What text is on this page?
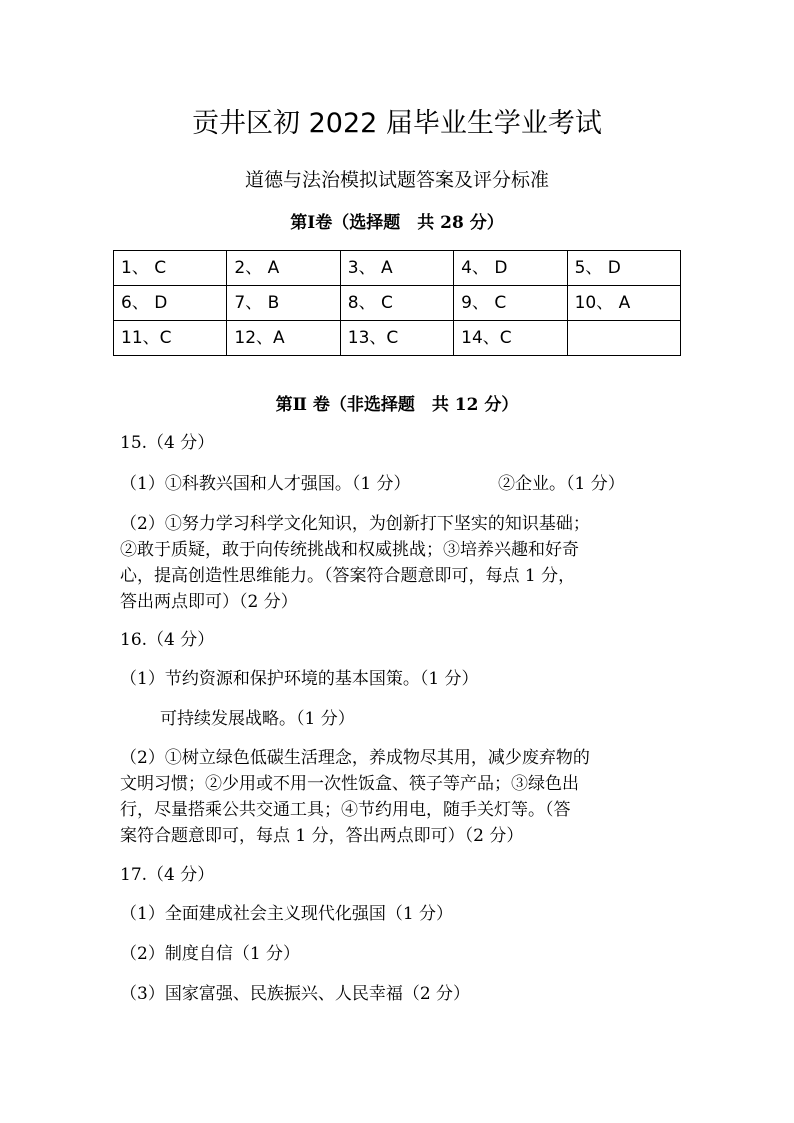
贡井区初 2022 届毕业生学业考试
道德与法治模拟试题答案及评分标准
第Ⅰ卷（选择题　共 28 分）
1、 C	2、 A	3、 A	4、 D	5、 D
6、 D	7、 B	8、 C	9、 C	10、 A
11、C	12、A	13、C	14、C	
第Ⅱ 卷（非选择题　共 12 分）
15.（4 分）
（1）①科教兴国和人才强国。（1 分）	②企业。（1 分）
（2）①努力学习科学文化知识，为创新打下坚实的知识基础；
②敢于质疑，敢于向传统挑战和权威挑战；③培养兴趣和好奇
心，提高创造性思维能力。（答案符合题意即可，每点 1 分，
答出两点即可）（2 分）
16.（4 分）
（1）节约资源和保护环境的基本国策。（1 分）
可持续发展战略。（1 分）
（2）①树立绿色低碳生活理念，养成物尽其用，减少废弃物的
文明习惯；②少用或不用一次性饭盒、筷子等产品；③绿色出
行，尽量搭乘公共交通工具；④节约用电，随手关灯等。（答
案符合题意即可，每点 1 分，答出两点即可）（2 分）
17.（4 分）
（1）全面建成社会主义现代化强国（1 分）
（2）制度自信（1 分）
（3）国家富强、民族振兴、人民幸福（2 分）
